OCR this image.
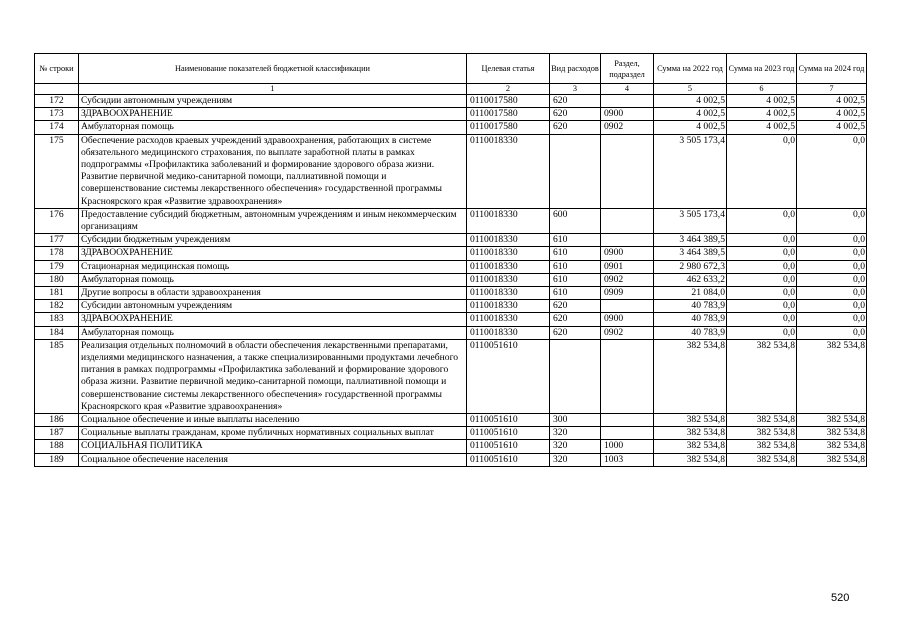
№ строки	Наименование показателей бюджетной классификации	Целевая статья	Вид расходов	Раздел, подраздел	Сумма на 2022 год	Сумма на 2023 год	Сумма на 2024 год
	1	2	3	4	5	6	7
172	Субсидии автономным учреждениям	0110017580	620		4 002,5	4 002,5	4 002,5
173	ЗДРАВООХРАНЕНИЕ	0110017580	620	0900	4 002,5	4 002,5	4 002,5
174	Амбулаторная помощь	0110017580	620	0902	4 002,5	4 002,5	4 002,5
175	Обеспечение расходов краевых учреждений здравоохранения, работающих в системе обязательного медицинского страхования, по выплате заработной платы в рамках подпрограммы «Профилактика заболеваний и формирование здорового образа жизни. Развитие первичной медико-санитарной помощи, паллиативной помощи и совершенствование системы лекарственного обеспечения» государственной программы Красноярского края «Развитие здравоохранения»	0110018330			3 505 173,4	0,0	0,0
176	Предоставление субсидий бюджетным, автономным учреждениям и иным некоммерческим организациям	0110018330	600		3 505 173,4	0,0	0,0
177	Субсидии бюджетным учреждениям	0110018330	610		3 464 389,5	0,0	0,0
178	ЗДРАВООХРАНЕНИЕ	0110018330	610	0900	3 464 389,5	0,0	0,0
179	Стационарная медицинская помощь	0110018330	610	0901	2 980 672,3	0,0	0,0
180	Амбулаторная помощь	0110018330	610	0902	462 633,2	0,0	0,0
181	Другие вопросы в области здравоохранения	0110018330	610	0909	21 084,0	0,0	0,0
182	Субсидии автономным учреждениям	0110018330	620		40 783,9	0,0	0,0
183	ЗДРАВООХРАНЕНИЕ	0110018330	620	0900	40 783,9	0,0	0,0
184	Амбулаторная помощь	0110018330	620	0902	40 783,9	0,0	0,0
185	Реализация отдельных полномочий в области обеспечения лекарственными препаратами, изделиями медицинского назначения, а также специализированными продуктами лечебного питания в рамках подпрограммы «Профилактика заболеваний и формирование здорового образа жизни. Развитие первичной медико-санитарной помощи, паллиативной помощи и совершенствование системы лекарственного обеспечения» государственной программы Красноярского края «Развитие здравоохранения»	0110051610			382 534,8	382 534,8	382 534,8
186	Социальное обеспечение и иные выплаты населению	0110051610	300		382 534,8	382 534,8	382 534,8
187	Социальные выплаты гражданам, кроме публичных нормативных социальных выплат	0110051610	320		382 534,8	382 534,8	382 534,8
188	СОЦИАЛЬНАЯ ПОЛИТИКА	0110051610	320	1000	382 534,8	382 534,8	382 534,8
189	Социальное обеспечение населения	0110051610	320	1003	382 534,8	382 534,8	382 534,8
520
